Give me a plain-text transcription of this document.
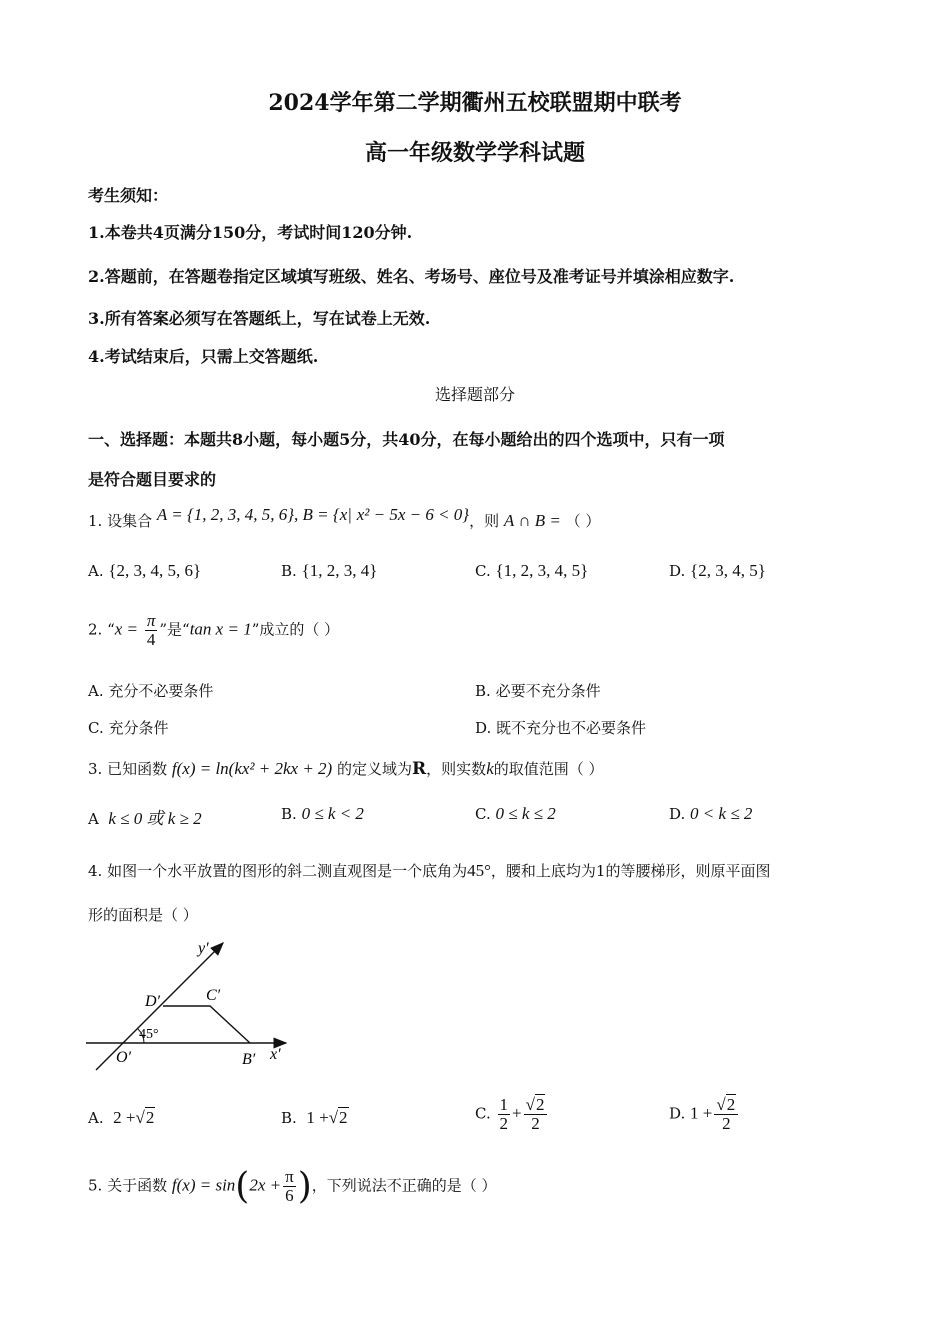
2024学年第二学期衢州五校联盟期中联考
高一年级数学学科试题
考生须知：
1.本卷共4页满分150分，考试时间120分钟.
2.答题前，在答题卷指定区域填写班级、姓名、考场号、座位号及准考证号并填涂相应数字.
3.所有答案必须写在答题纸上，写在试卷上无效.
4.考试结束后，只需上交答题纸.
选择题部分
一、选择题：本题共8小题，每小题5分，共40分，在每小题给出的四个选项中，只有一项
是符合题目要求的
1. 设集合 A = {1, 2, 3, 4, 5, 6}, B = {x| x² − 5x − 6 < 0}，则 A ∩ B = （ ）
A. {2, 3, 4, 5, 6}	B. {1, 2, 3, 4}	C. {1, 2, 3, 4, 5}	D. {2, 3, 4, 5}
2. “$x = \frac{\pi}{4}$ ”是“tan x = 1”成立的（ ）
A. 充分不必要条件	B. 必要不充分条件
C. 充分条件	D. 既不充分也不必要条件
3. 已知函数 f(x) = ln(kx² + 2kx + 2) 的定义域为R，则实数k的取值范围（ ）
A k ≤ 0 或 k ≥ 2	B. 0 ≤ k < 2	C. 0 ≤ k ≤ 2	D. 0 < k ≤ 2
4. 如图一个水平放置的图形的斜二测直观图是一个底角为45°，腰和上底均为1的等腰梯形，则原平面图
形的面积是（ ）
45°
y′
x′
O′	B′
C′
D′
A. 2 +√2	B. 1 +√2	C. $\frac{1}{2} + \frac{√2}{2}$	D. $1 + \frac{√2}{2}$
5. 关于函数 $f(x) = \sin(2x + \frac{\pi}{6}$ )，下列说法不正确的是（ ）
